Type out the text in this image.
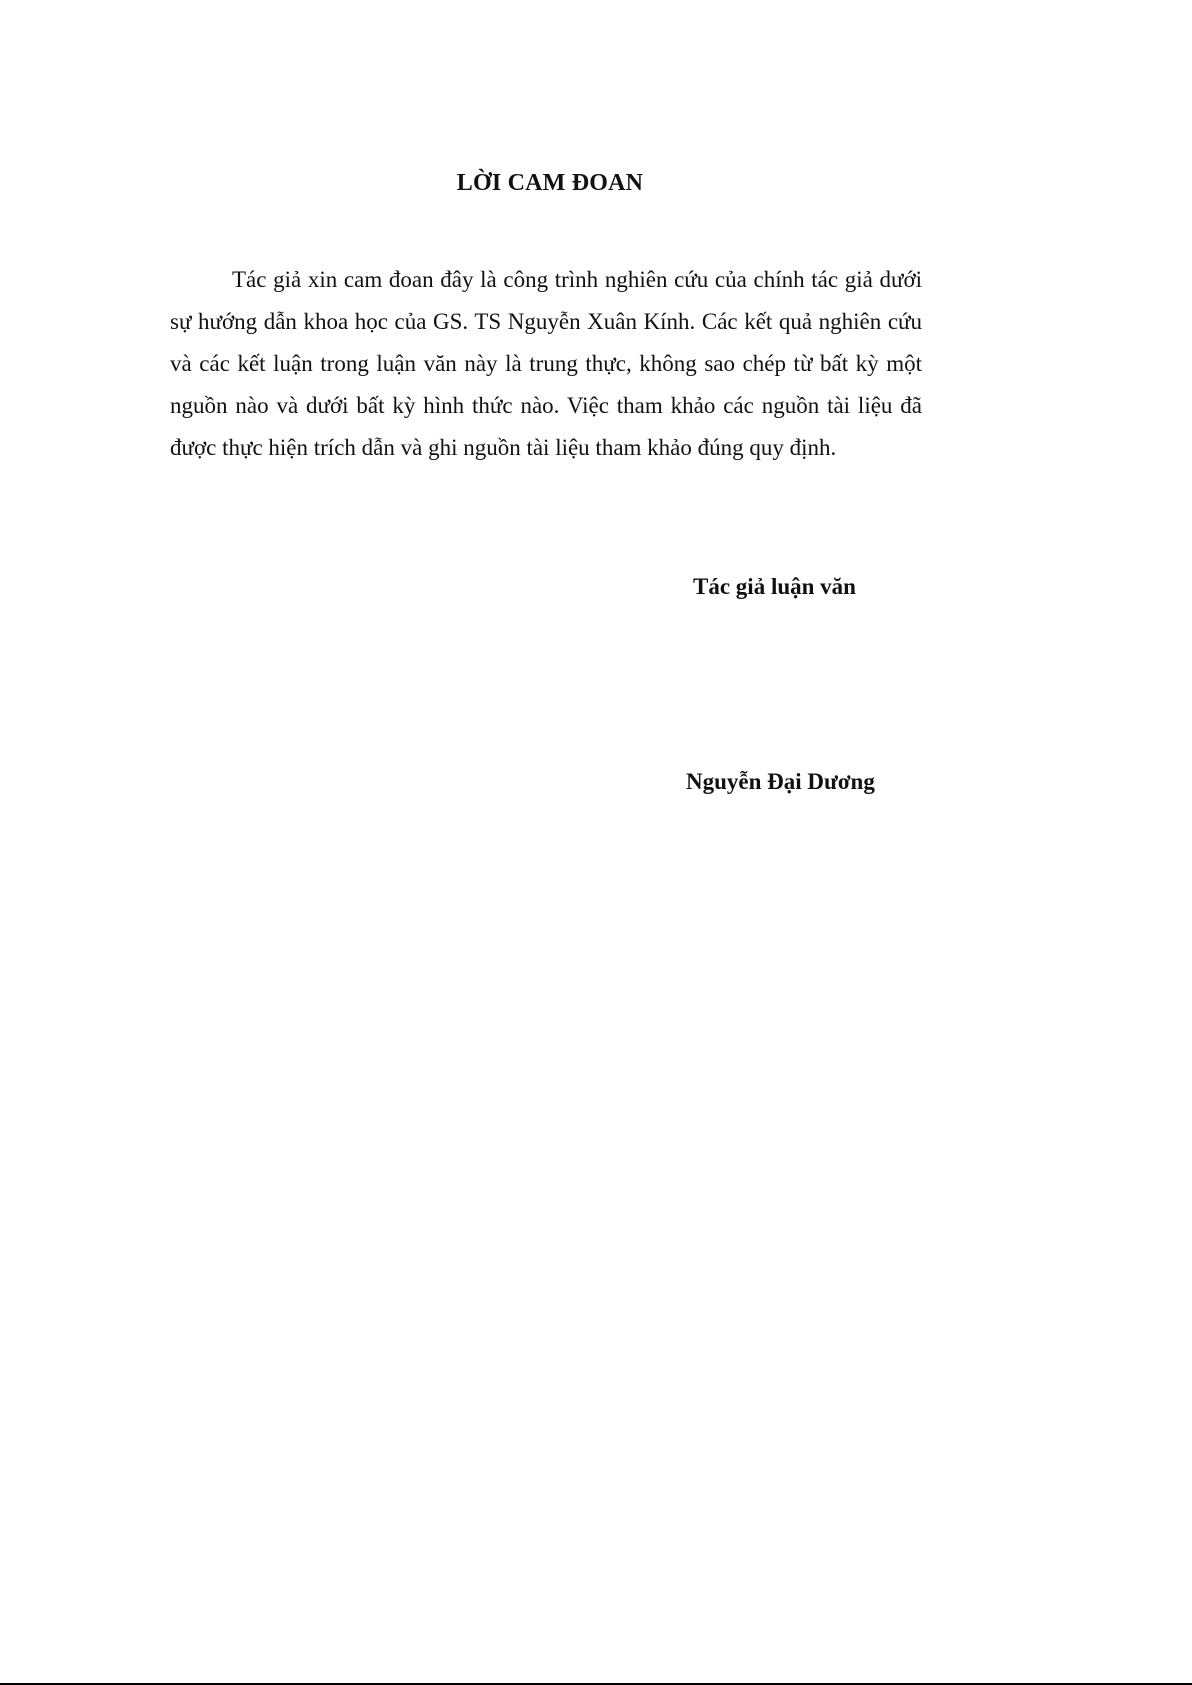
LỜI CAM ĐOAN

Tác giả xin cam đoan đây là công trình nghiên cứu của chính tác giả dưới sự hướng dẫn khoa học của GS. TS Nguyễn Xuân Kính. Các kết quả nghiên cứu và các kết luận trong luận văn này là trung thực, không sao chép từ bất kỳ một nguồn nào và dưới bất kỳ hình thức nào. Việc tham khảo các nguồn tài liệu đã được thực hiện trích dẫn và ghi nguồn tài liệu tham khảo đúng quy định.

Tác giả luận văn

Nguyễn Đại Dương
